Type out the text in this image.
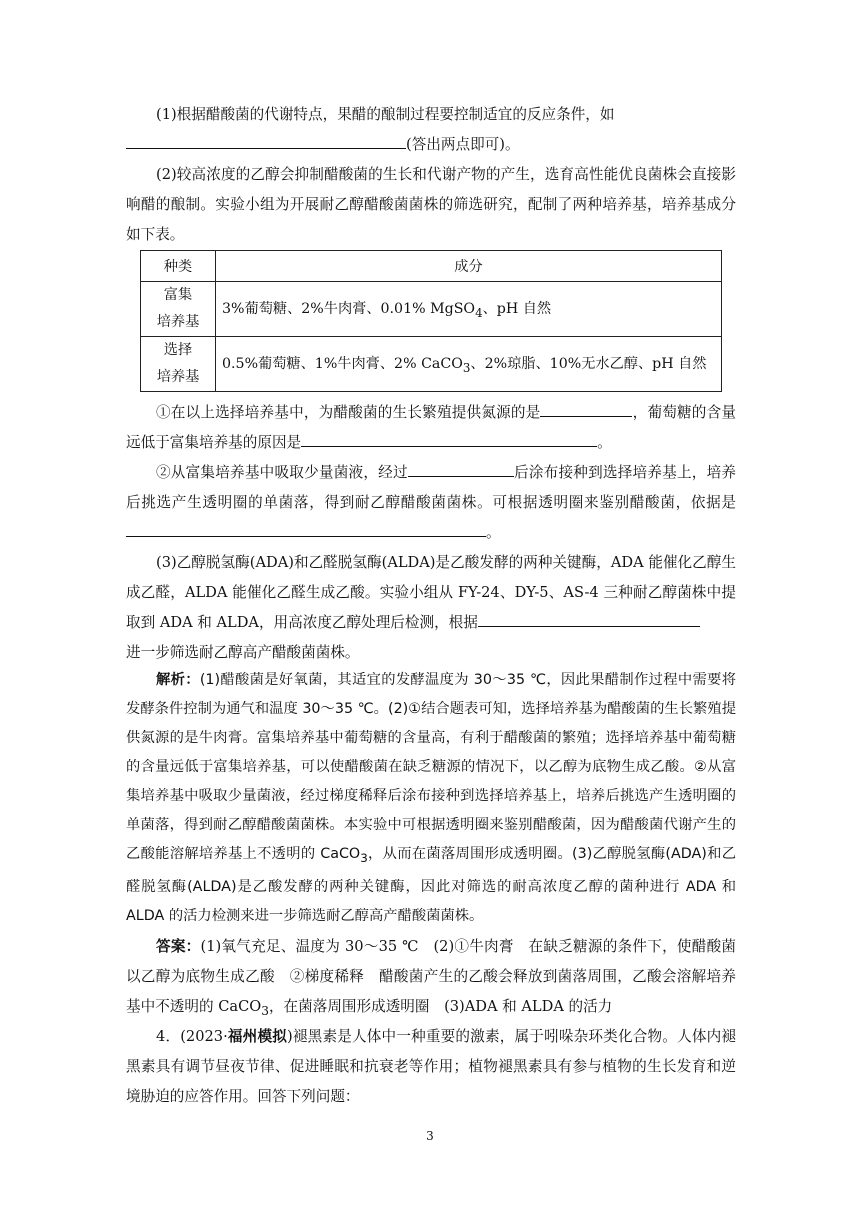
(1)根据醋酸菌的代谢特点，果醋的酿制过程要控制适宜的反应条件，如
(答出两点即可)。

(2)较高浓度的乙醇会抑制醋酸菌的生长和代谢产物的产生，选育高性能优良菌株会直接影响醋的酿制。实验小组为开展耐乙醇醋酸菌菌株的筛选研究，配制了两种培养基，培养基成分如下表。

种类	成分
富集
培养基	3%葡萄糖、2%牛肉膏、0.01% MgSO$_4$、pH 自然
选择
培养基	0.5%葡萄糖、1%牛肉膏、2% CaCO$_3$、2%琼脂、10%无水乙醇、pH 自然

①在以上选择培养基中，为醋酸菌的生长繁殖提供氮源的是	，葡萄糖的含量远低于富集培养基的原因是	。

②从富集培养基中吸取少量菌液，经过	后涂布接种到选择培养基上，培养后挑选产生透明圈的单菌落，得到耐乙醇醋酸菌菌株。可根据透明圈来鉴别醋酸菌，依据是。

(3)乙醇脱氢酶(ADA)和乙醛脱氢酶(ALDA)是乙酸发酵的两种关键酶，ADA 能催化乙醇生成乙醛，ALDA 能催化乙醛生成乙酸。实验小组从 FY-24、DY-5、AS-4 三种耐乙醇菌株中提取到 ADA 和 ALDA，用高浓度乙醇处理后检测，根据
进一步筛选耐乙醇高产醋酸菌菌株。

解析：(1)醋酸菌是好氧菌，其适宜的发酵温度为 30～35 ℃，因此果醋制作过程中需要将发酵条件控制为通气和温度 30～35 ℃。(2)①结合题表可知，选择培养基为醋酸菌的生长繁殖提供氮源的是牛肉膏。富集培养基中葡萄糖的含量高，有利于醋酸菌的繁殖；选择培养基中葡萄糖的含量远低于富集培养基，可以使醋酸菌在缺乏糖源的情况下，以乙醇为底物生成乙酸。②从富集培养基中吸取少量菌液，经过梯度稀释后涂布接种到选择培养基上，培养后挑选产生透明圈的单菌落，得到耐乙醇醋酸菌菌株。本实验中可根据透明圈来鉴别醋酸菌，因为醋酸菌代谢产生的乙酸能溶解培养基上不透明的 CaCO$_3$，从而在菌落周围形成透明圈。(3)乙醇脱氢酶(ADA)和乙醛脱氢酶(ALDA)是乙酸发酵的两种关键酶，因此对筛选的耐高浓度乙醇的菌种进行 ADA 和 ALDA 的活力检测来进一步筛选耐乙醇高产醋酸菌菌株。

答案：(1)氧气充足、温度为 30～35 ℃　(2)①牛肉膏　在缺乏糖源的条件下，使醋酸菌以乙醇为底物生成乙酸　②梯度稀释　醋酸菌产生的乙酸会释放到菌落周围，乙酸会溶解培养基中不透明的 CaCO$_3$，在菌落周围形成透明圈　(3)ADA 和 ALDA 的活力

4．(2023·福州模拟)褪黑素是人体中一种重要的激素，属于吲哚杂环类化合物。人体内褪黑素具有调节昼夜节律、促进睡眠和抗衰老等作用；植物褪黑素具有参与植物的生长发育和逆境胁迫的应答作用。回答下列问题：

3
